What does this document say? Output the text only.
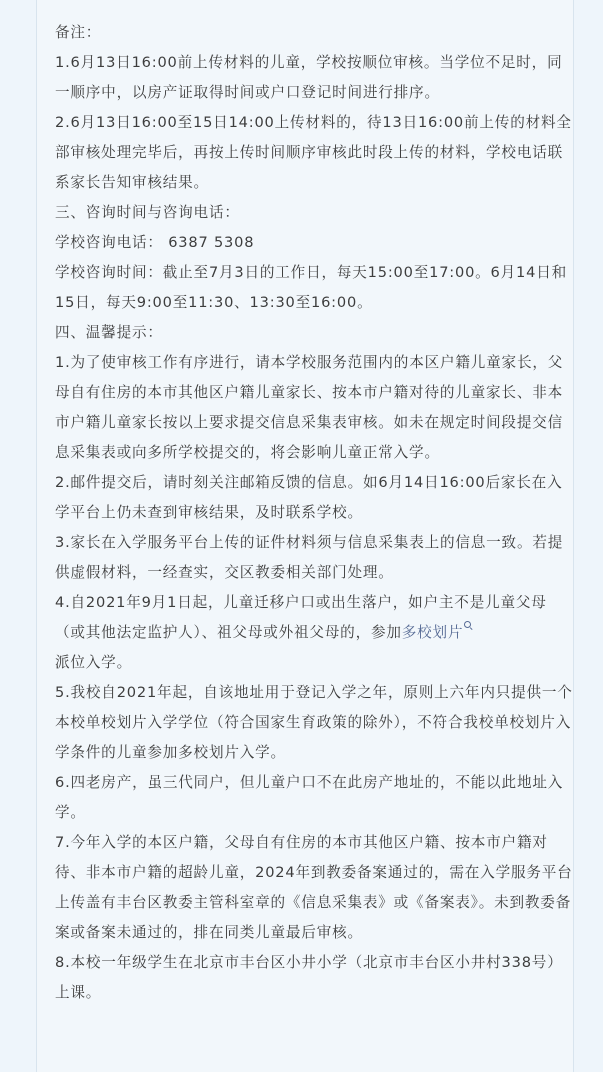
备注：

1.6月13日16:00前上传材料的儿童，学校按顺位审核。当学位不足时，同一顺序中，以房产证取得时间或户口登记时间进行排序。

2.6月13日16:00至15日14:00上传材料的，待13日16:00前上传的材料全部审核处理完毕后，再按上传时间顺序审核此时段上传的材料，学校电话联系家长告知审核结果。

三、咨询时间与咨询电话：

学校咨询电话： 6387 5308

学校咨询时间：截止至7月3日的工作日，每天15:00至17:00。6月14日和15日，每天9:00至11:30、13:30至16:00。

四、温馨提示：

1.为了使审核工作有序进行，请本学校服务范围内的本区户籍儿童家长，父母自有住房的本市其他区户籍儿童家长、按本市户籍对待的儿童家长、非本市户籍儿童家长按以上要求提交信息采集表审核。如未在规定时间段提交信息采集表或向多所学校提交的，将会影响儿童正常入学。

2.邮件提交后，请时刻关注邮箱反馈的信息。如6月14日16:00后家长在入学平台上仍未查到审核结果，及时联系学校。

3.家长在入学服务平台上传的证件材料须与信息采集表上的信息一致。若提供虚假材料，一经查实，交区教委相关部门处理。

4.自2021年9月1日起，儿童迁移户口或出生落户，如户主不是儿童父母（或其他法定监护人）、祖父母或外祖父母的，参加多校划片
派位入学。

5.我校自2021年起，自该地址用于登记入学之年，原则上六年内只提供一个本校单校划片入学学位（符合国家生育政策的除外），不符合我校单校划片入学条件的儿童参加多校划片入学。

6.四老房产，虽三代同户，但儿童户口不在此房产地址的，不能以此地址入学。

7.今年入学的本区户籍，父母自有住房的本市其他区户籍、按本市户籍对待、非本市户籍的超龄儿童，2024年到教委备案通过的，需在入学服务平台上传盖有丰台区教委主管科室章的《信息采集表》或《备案表》。未到教委备案或备案未通过的，排在同类儿童最后审核。

8.本校一年级学生在北京市丰台区小井小学（北京市丰台区小井村338号）上课。
